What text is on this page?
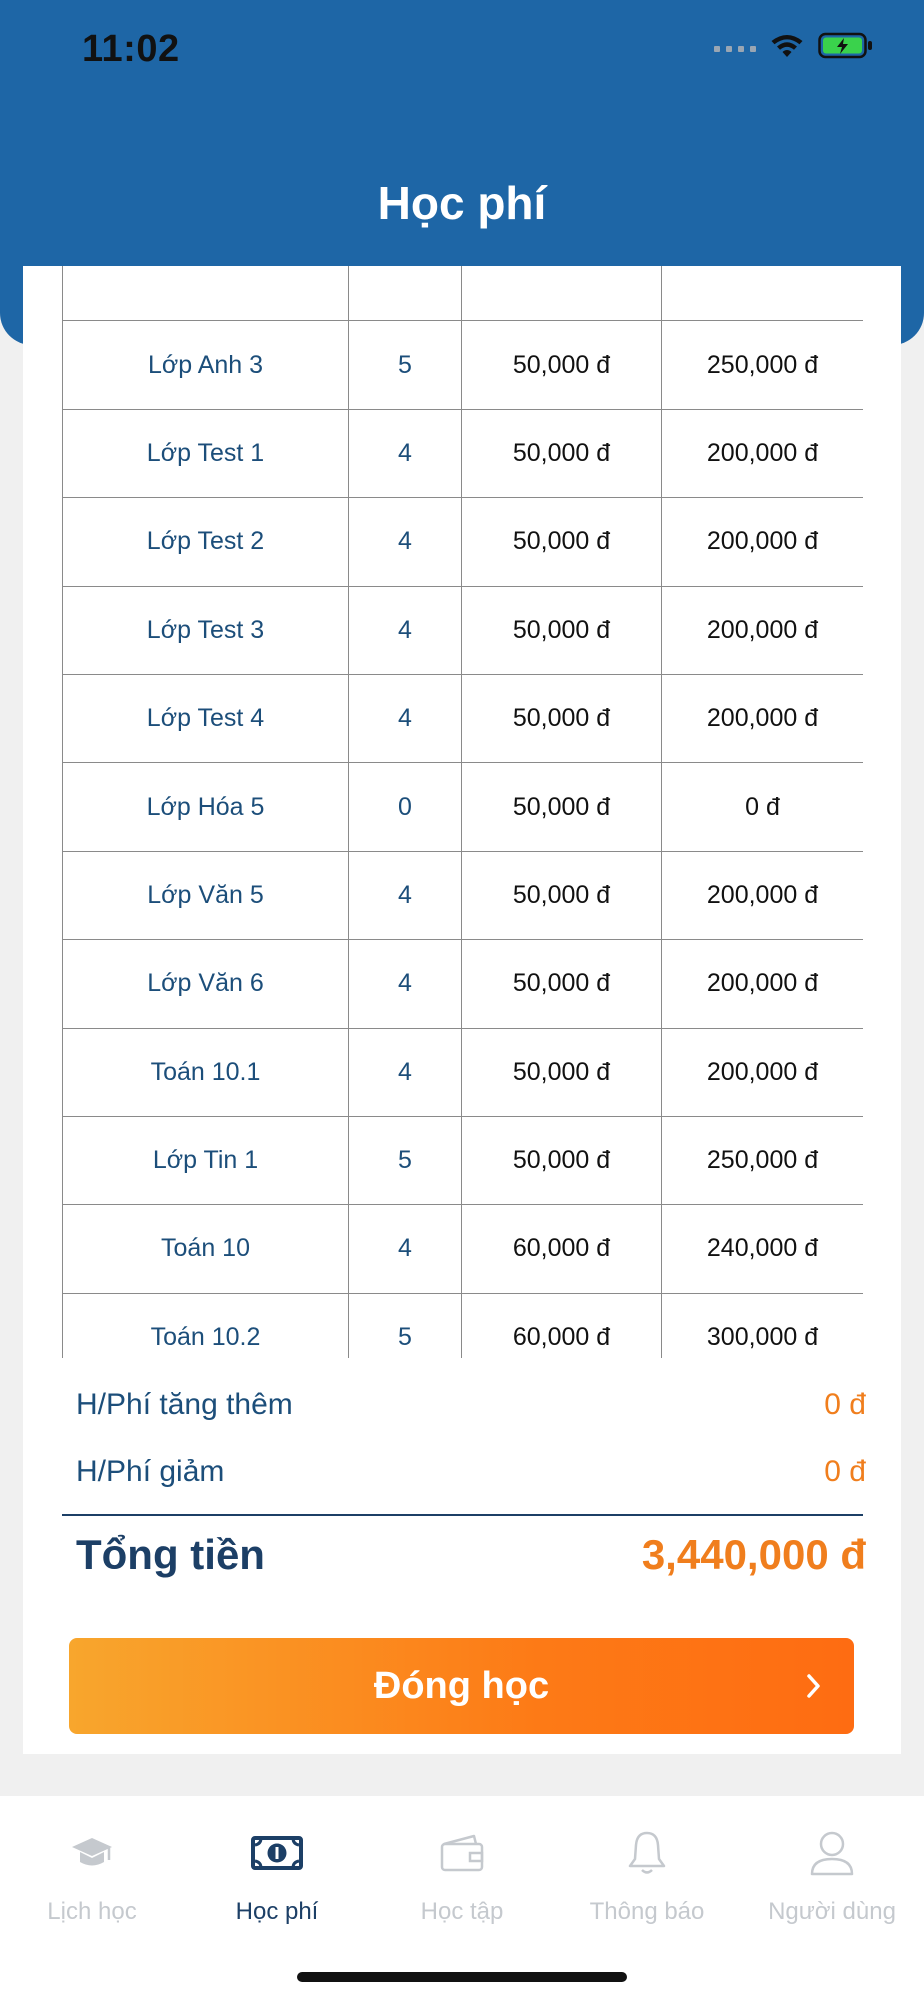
11:02
Học phí

Lớp Anh 3	5	50,000 đ	250,000 đ
Lớp Test 1	4	50,000 đ	200,000 đ
Lớp Test 2	4	50,000 đ	200,000 đ
Lớp Test 3	4	50,000 đ	200,000 đ
Lớp Test 4	4	50,000 đ	200,000 đ
Lớp Hóa 5	0	50,000 đ	0 đ
Lớp Văn 5	4	50,000 đ	200,000 đ
Lớp Văn 6	4	50,000 đ	200,000 đ
Toán 10.1	4	50,000 đ	200,000 đ
Lớp Tin 1	5	50,000 đ	250,000 đ
Toán 10	4	60,000 đ	240,000 đ
Toán 10.2	5	60,000 đ	300,000 đ
H/Phí tăng thêm	0 đ
H/Phí giảm	0 đ
Tổng tiền	3,440,000 đ
Đóng học
Lịch học	Học phí	Học tập	Thông báo	Người dùng
